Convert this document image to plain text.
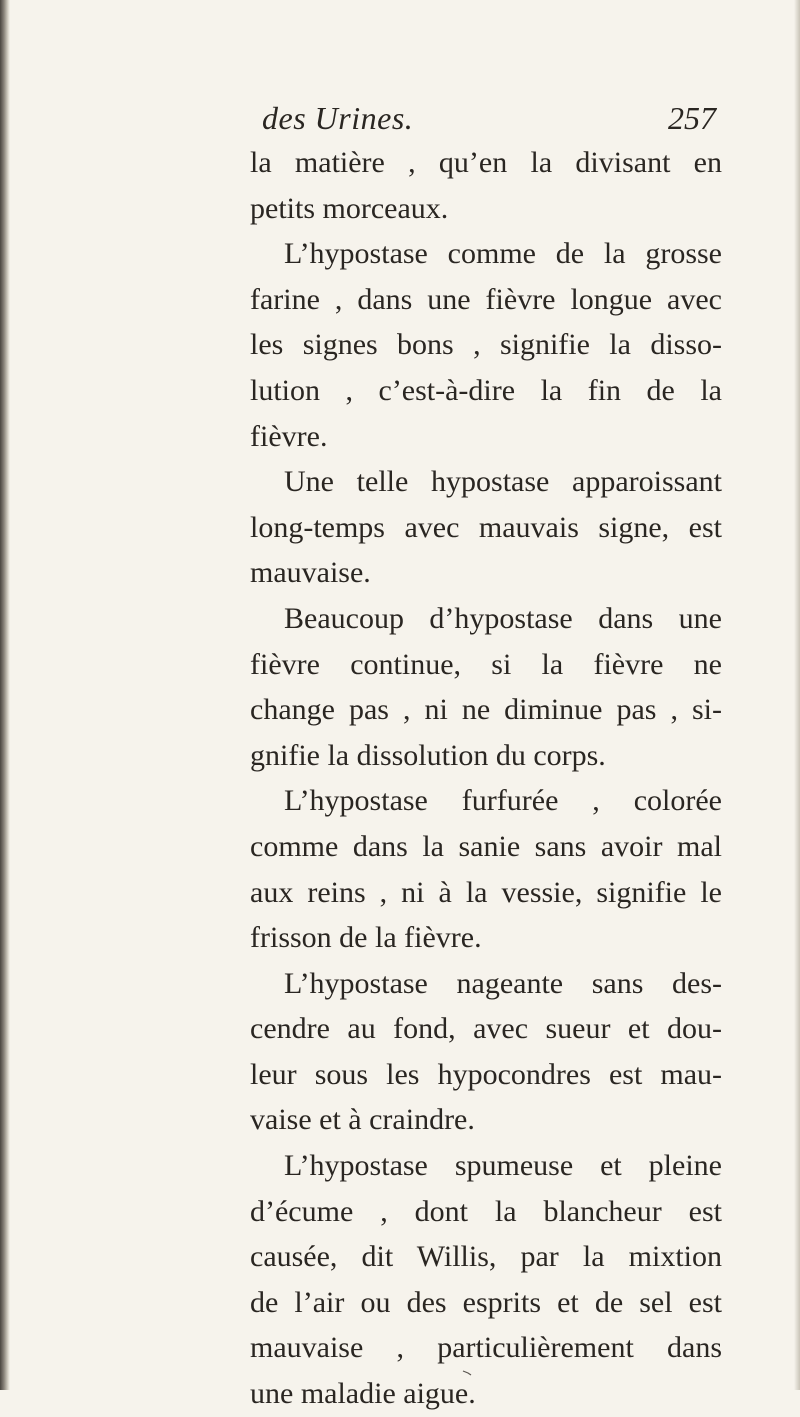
des Urines.	257
la matière , qu’en la divisant en
petits morceaux.
L’hypostase comme de la grosse
farine , dans une fièvre longue avec
les signes bons , signifie la disso-
lution , c’est-à-dire la fin de la
fièvre.
Une telle hypostase apparoissant
long-temps avec mauvais signe, est
mauvaise.
Beaucoup d’hypostase dans une
fièvre continue, si la fièvre ne
change pas , ni ne diminue pas , si-
gnifie la dissolution du corps.
L’hypostase furfurée , colorée
comme dans la sanie sans avoir mal
aux reins , ni à la vessie, signifie le
frisson de la fièvre.
L’hypostase nageante sans des-
cendre au fond, avec sueur et dou-
leur sous les hypocondres est mau-
vaise et à craindre.
L’hypostase spumeuse et pleine
d’écume , dont la blancheur est
causée, dit Willis, par la mixtion
de l’air ou des esprits et de sel est
mauvaise , particulièrement dans
une maladie aigue.
